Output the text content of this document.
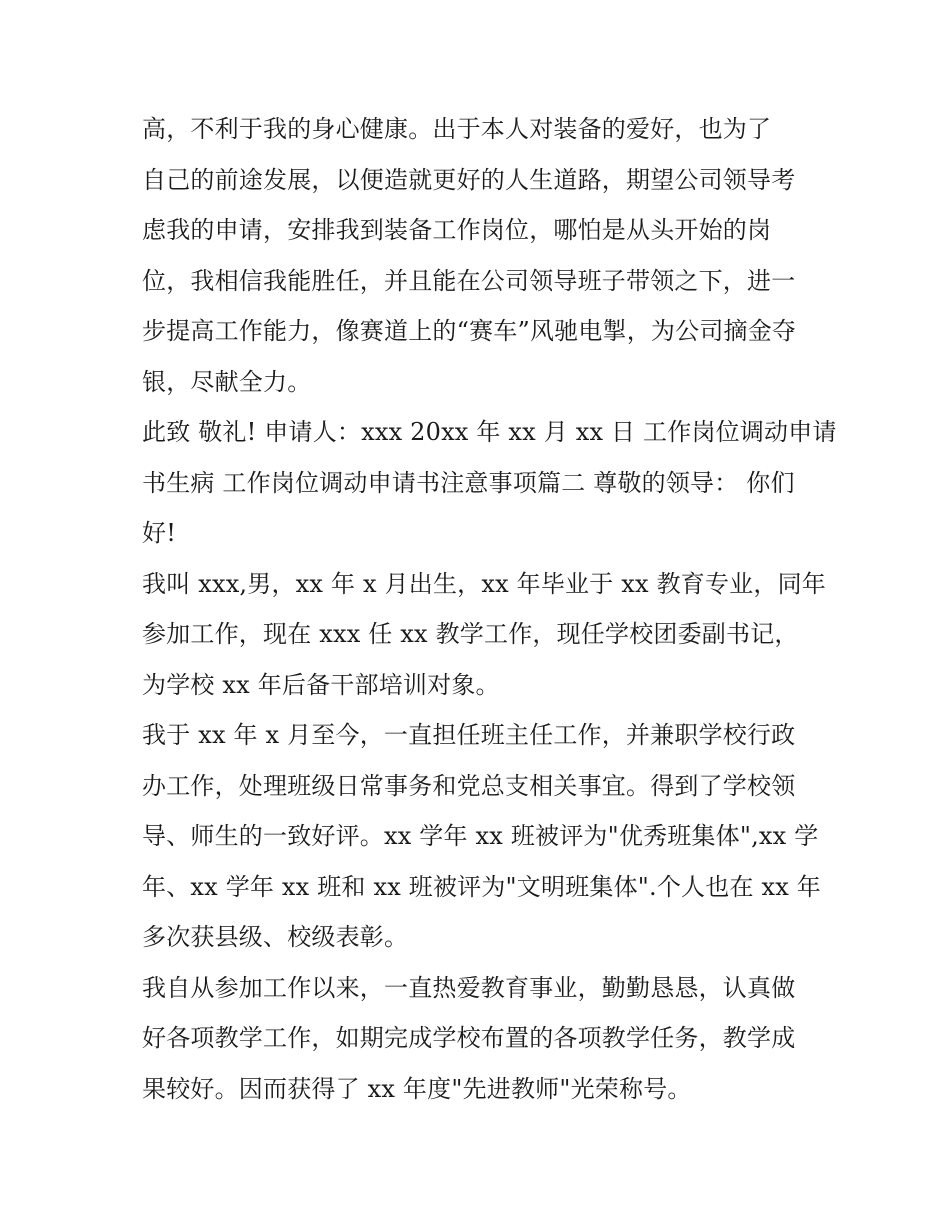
高，不利于我的身心健康。出于本人对装备的爱好，也为了
自己的前途发展，以便造就更好的人生道路，期望公司领导考
虑我的申请，安排我到装备工作岗位，哪怕是从头开始的岗
位，我相信我能胜任，并且能在公司领导班子带领之下，进一
步提高工作能力，像赛道上的“赛车”风驰电掣，为公司摘金夺
银，尽献全力。
此致 敬礼! 申请人：xxx 20xx 年 xx 月 xx 日 工作岗位调动申请
书生病 工作岗位调动申请书注意事项篇二 尊敬的领导： 你们
好!
我叫 xxx,男，xx 年 x 月出生，xx 年毕业于 xx 教育专业，同年
参加工作，现在 xxx 任 xx 教学工作，现任学校团委副书记，
为学校 xx 年后备干部培训对象。
我于 xx 年 x 月至今，一直担任班主任工作，并兼职学校行政
办工作，处理班级日常事务和党总支相关事宜。得到了学校领
导、师生的一致好评。xx 学年 xx 班被评为"优秀班集体",xx 学
年、xx 学年 xx 班和 xx 班被评为"文明班集体".个人也在 xx 年
多次获县级、校级表彰。
我自从参加工作以来，一直热爱教育事业，勤勤恳恳，认真做
好各项教学工作，如期完成学校布置的各项教学任务，教学成
果较好。因而获得了 xx 年度"先进教师"光荣称号。
